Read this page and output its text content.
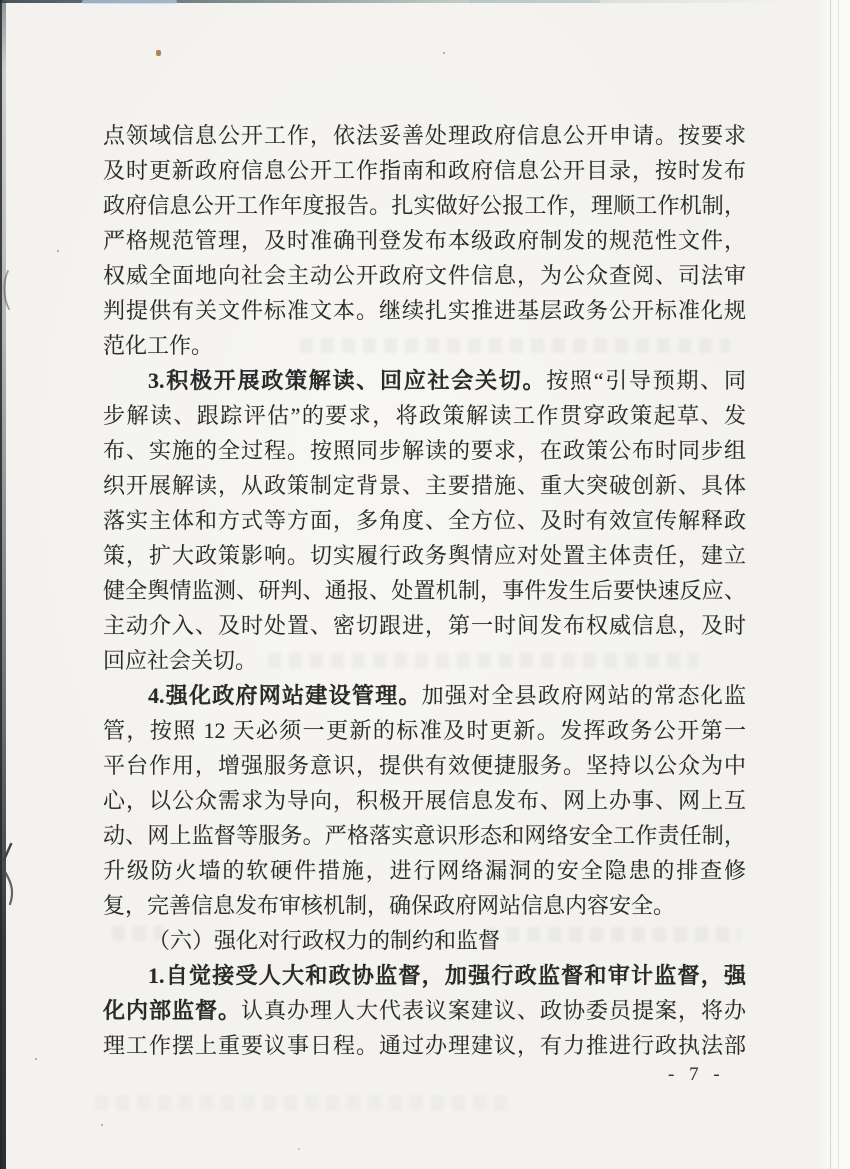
点领域信息公开工作，依法妥善处理政府信息公开申请。按要求
及时更新政府信息公开工作指南和政府信息公开目录，按时发布
政府信息公开工作年度报告。扎实做好公报工作，理顺工作机制，
严格规范管理，及时准确刊登发布本级政府制发的规范性文件，
权威全面地向社会主动公开政府文件信息，为公众查阅、司法审
判提供有关文件标准文本。继续扎实推进基层政务公开标准化规
范化工作。
3.积极开展政策解读、回应社会关切。按照“引导预期、同
步解读、跟踪评估”的要求，将政策解读工作贯穿政策起草、发
布、实施的全过程。按照同步解读的要求，在政策公布时同步组
织开展解读，从政策制定背景、主要措施、重大突破创新、具体
落实主体和方式等方面，多角度、全方位、及时有效宣传解释政
策，扩大政策影响。切实履行政务舆情应对处置主体责任，建立
健全舆情监测、研判、通报、处置机制，事件发生后要快速反应、
主动介入、及时处置、密切跟进，第一时间发布权威信息，及时
回应社会关切。
4.强化政府网站建设管理。加强对全县政府网站的常态化监
管，按照 12 天必须一更新的标准及时更新。发挥政务公开第一
平台作用，增强服务意识，提供有效便捷服务。坚持以公众为中
心，以公众需求为导向，积极开展信息发布、网上办事、网上互
动、网上监督等服务。严格落实意识形态和网络安全工作责任制，
升级防火墙的软硬件措施，进行网络漏洞的安全隐患的排查修
复，完善信息发布审核机制，确保政府网站信息内容安全。
（六）强化对行政权力的制约和监督
1.自觉接受人大和政协监督，加强行政监督和审计监督，强
化内部监督。认真办理人大代表议案建议、政协委员提案，将办
理工作摆上重要议事日程。通过办理建议，有力推进行政执法部
- 7 -
